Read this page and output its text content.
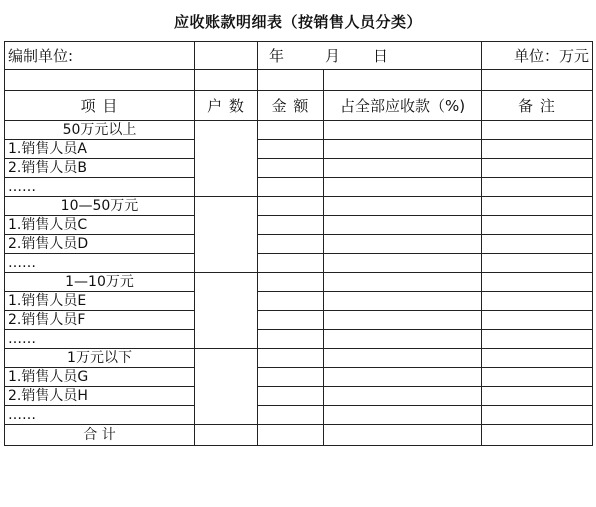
应收账款明细表（按销售人员分类）
编制单位:		年 月 日		单位：万元

项 目	户 数	金 额	占全部应收款（%)	备 注
50万元以上				
1.销售人员A				
2.销售人员B				
……				
10—50万元				
1.销售人员C				
2.销售人员D				
……				
1—10万元				
1.销售人员E				
2.销售人员F				
……				
1万元以下				
1.销售人员G				
2.销售人员H				
……				
合 计				
